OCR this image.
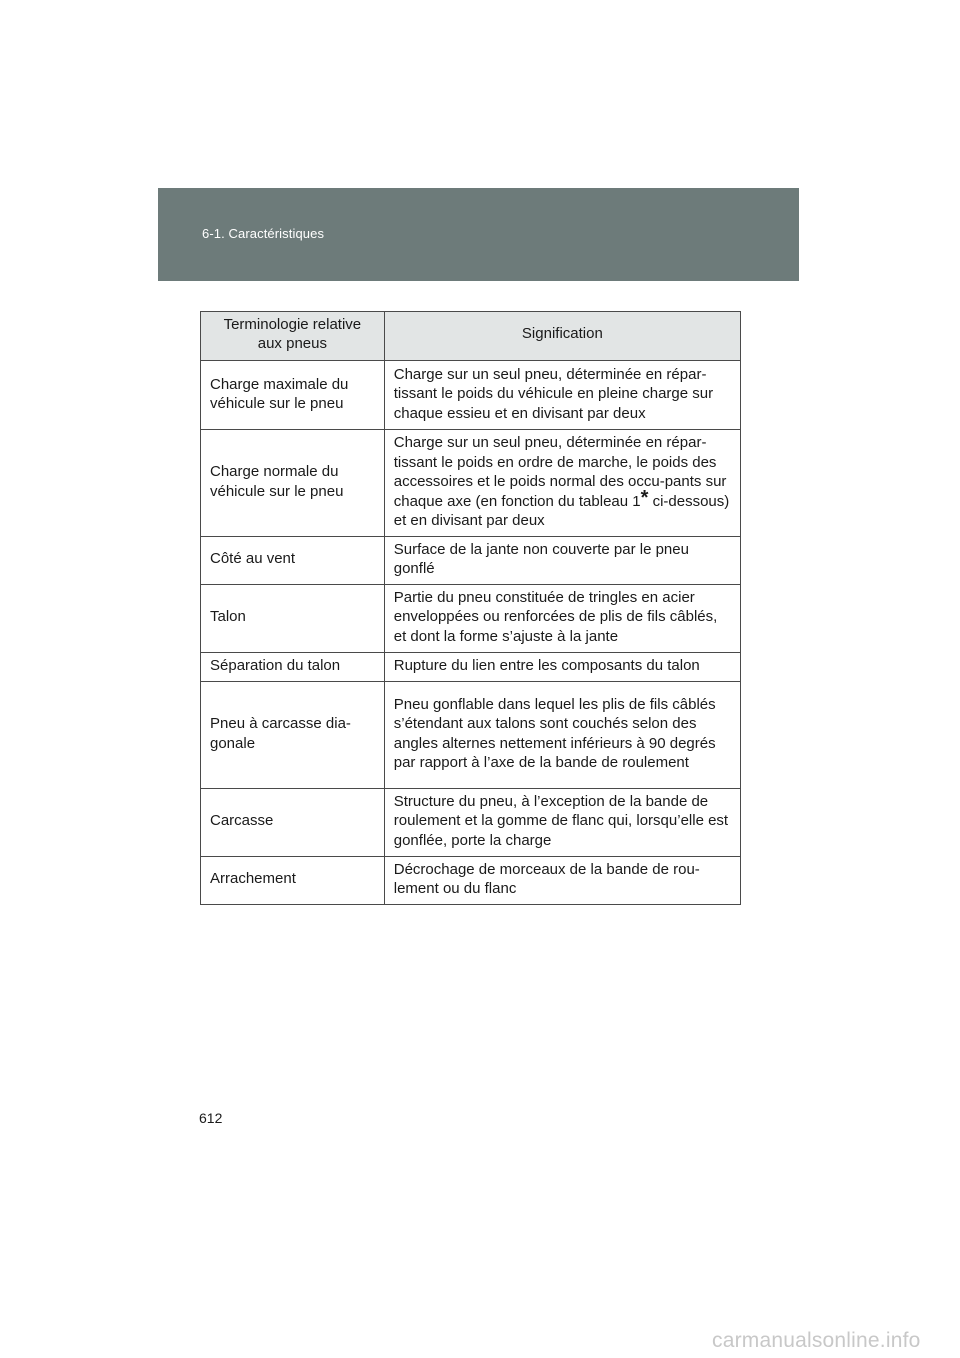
6-1. Caractéristiques
Terminologie relative
aux pneus	Signification
Charge maximale du véhicule sur le pneu	Charge sur un seul pneu, déterminée en répar-tissant le poids du véhicule en pleine charge sur chaque essieu et en divisant par deux
Charge normale du véhicule sur le pneu	Charge sur un seul pneu, déterminée en répar-tissant le poids en ordre de marche, le poids des accessoires et le poids normal des occu-pants sur chaque axe (en fonction du tableau 1* ci-dessous) et en divisant par deux
Côté au vent	Surface de la jante non couverte par le pneu gonflé
Talon	Partie du pneu constituée de tringles en acier enveloppées ou renforcées de plis de fils câblés, et dont la forme s’ajuste à la jante
Séparation du talon	Rupture du lien entre les composants du talon
Pneu à carcasse dia-gonale	Pneu gonflable dans lequel les plis de fils câblés s’étendant aux talons sont couchés selon des angles alternes nettement inférieurs à 90 degrés par rapport à l’axe de la bande de roulement
Carcasse	Structure du pneu, à l’exception de la bande de roulement et la gomme de flanc qui, lorsqu’elle est gonflée, porte la charge
Arrachement	Décrochage de morceaux de la bande de rou-lement ou du flanc
612
carmanualsonline.info
